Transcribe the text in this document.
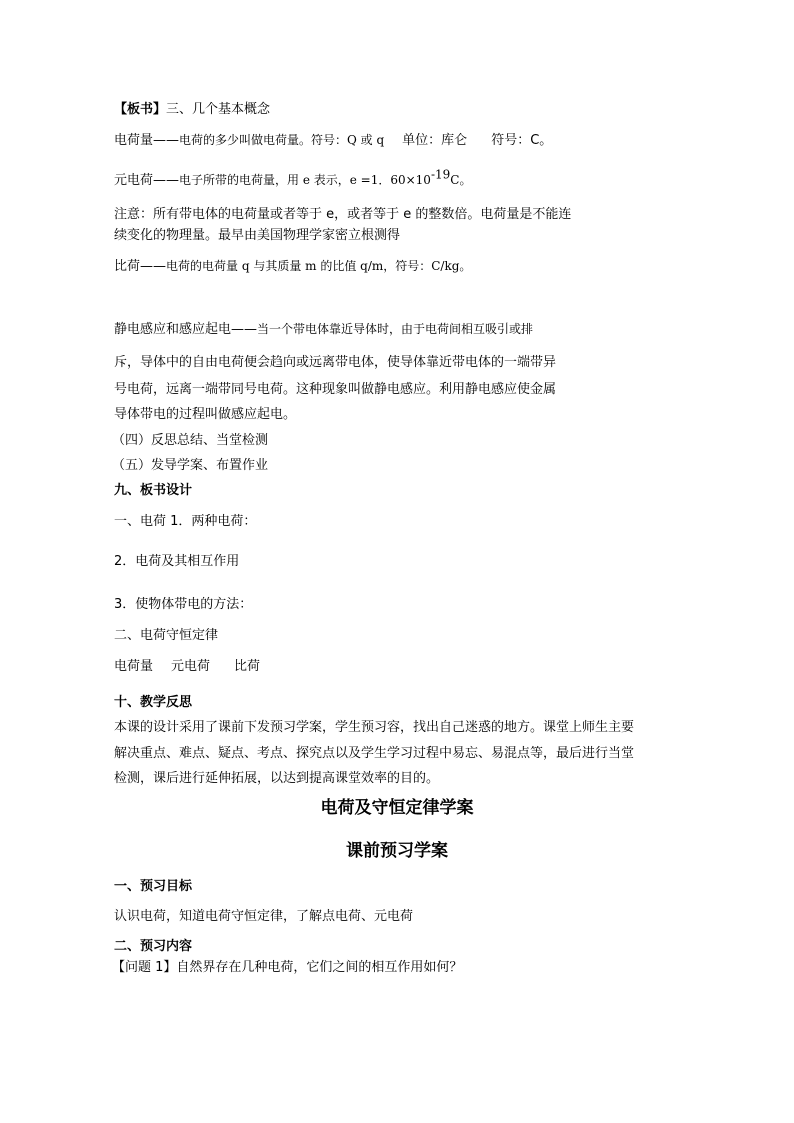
【板书】三、几个基本概念
电荷量——电荷的多少叫做电荷量。符号：Q 或 q 单位：库仑 符号：C。
元电荷——电子所带的电荷量，用 e 表示，e =1．$60\times 10^{-19}C$。
注意：所有带电体的电荷量或者等于 e，或者等于 e 的整数倍。电荷量是不能连
续变化的物理量。最早由美国物理学家密立根测得
比荷——电荷的电荷量 q 与其质量 m 的比值 q/m，符号：C/kg。
静电感应和感应起电——当一个带电体靠近导体时，由于电荷间相互吸引或排
斥，导体中的自由电荷便会趋向或远离带电体，使导体靠近带电体的一端带异
号电荷，远离一端带同号电荷。这种现象叫做静电感应。利用静电感应使金属
导体带电的过程叫做感应起电。
（四）反思总结、当堂检测
（五）发导学案、布置作业
九、板书设计
一、电荷 1．两种电荷：
2．电荷及其相互作用
3．使物体带电的方法：
二、电荷守恒定律
电荷量 元电荷 比荷
十、教学反思
本课的设计采用了课前下发预习学案，学生预习容，找出自己迷惑的地方。课堂上师生主要
解决重点、难点、疑点、考点、探究点以及学生学习过程中易忘、易混点等，最后进行当堂
检测，课后进行延伸拓展，以达到提高课堂效率的目的。
电荷及守恒定律学案
课前预习学案
一、预习目标
认识电荷，知道电荷守恒定律，了解点电荷、元电荷
二、预习内容
【问题 1】自然界存在几种电荷，它们之间的相互作用如何？
